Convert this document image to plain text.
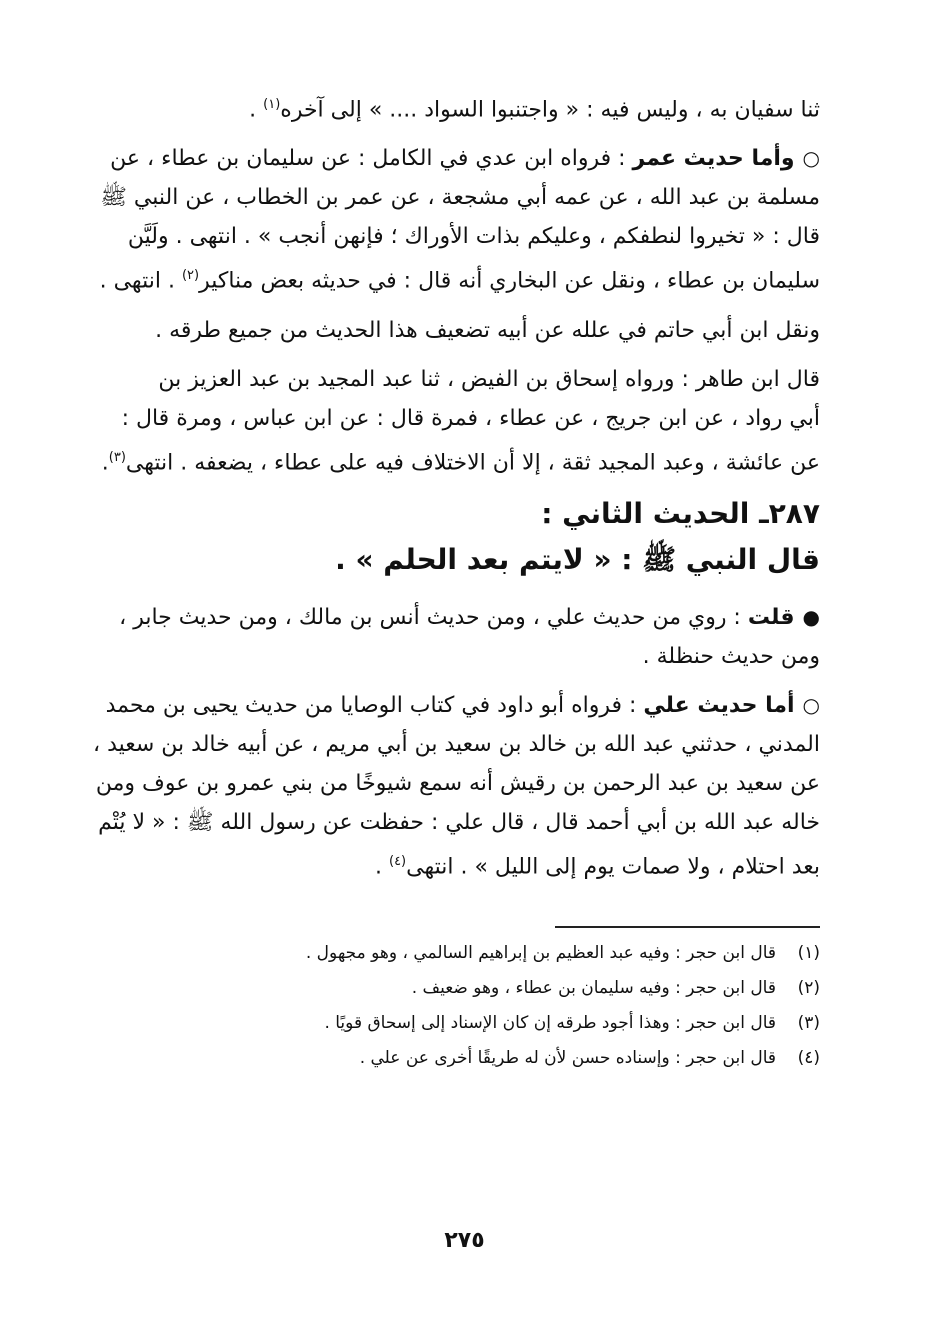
ثنا سفيان به ، وليس فيه : « واجتنبوا السواد .... » إلى آخره$^{(١)}$ .
○وأما حديث عمر : فرواه ابن عدي في الكامل : عن سليمان بن عطاء ، عن
مسلمة بن عبد الله ، عن عمه أبي مشجعة ، عن عمر بن الخطاب ، عن النبي ﷺ
قال : « تخيروا لنطفكم ، وعليكم بذات الأوراك ؛ فإنهن أنجب » . انتهى . ولَيَّن
سليمان بن عطاء ، ونقل عن البخاري أنه قال : في حديثه بعض مناكير$^{(٢)}$ . انتهى .
ونقل ابن أبي حاتم في علله عن أبيه تضعيف هذا الحديث من جميع طرقه .
قال ابن طاهر : ورواه إسحاق بن الفيض ، ثنا عبد المجيد بن عبد العزيز بن
أبي رواد ، عن ابن جريج ، عن عطاء ، فمرة قال : عن ابن عباس ، ومرة قال :
عن عائشة ، وعبد المجيد ثقة ، إلا أن الاختلاف فيه على عطاء ، يضعفه . انتهى$^{(٣)}$.
٢٨٧ـ الحديث الثاني :
قال النبي ﷺ : « لايتم بعد الحلم » .
●قلت : روي من حديث علي ، ومن حديث أنس بن مالك ، ومن حديث جابر ،
ومن حديث حنظلة .
○أما حديث علي : فرواه أبو داود في كتاب الوصايا من حديث يحيى بن محمد
المدني ، حدثني عبد الله بن خالد بن سعيد بن أبي مريم ، عن أبيه خالد بن سعيد ،
عن سعيد بن عبد الرحمن بن رقيش أنه سمع شيوخًا من بني عمرو بن عوف ومن
خاله عبد الله بن أبي أحمد قال ، قال علي : حفظت عن رسول الله ﷺ : « لا يُتْم
بعد احتلام ، ولا صمات يوم إلى الليل » . انتهى$^{(٤)}$ .
(١)قال ابن حجر : وفيه عبد العظيم بن إبراهيم السالمي ، وهو مجهول .
(٢)قال ابن حجر : وفيه سليمان بن عطاء ، وهو ضعيف .
(٣)قال ابن حجر : وهذا أجود طرقه إن كان الإسناد إلى إسحاق قويًا .
(٤)قال ابن حجر : وإسناده حسن لأن له طريقًا أخرى عن علي .
٢٧٥
